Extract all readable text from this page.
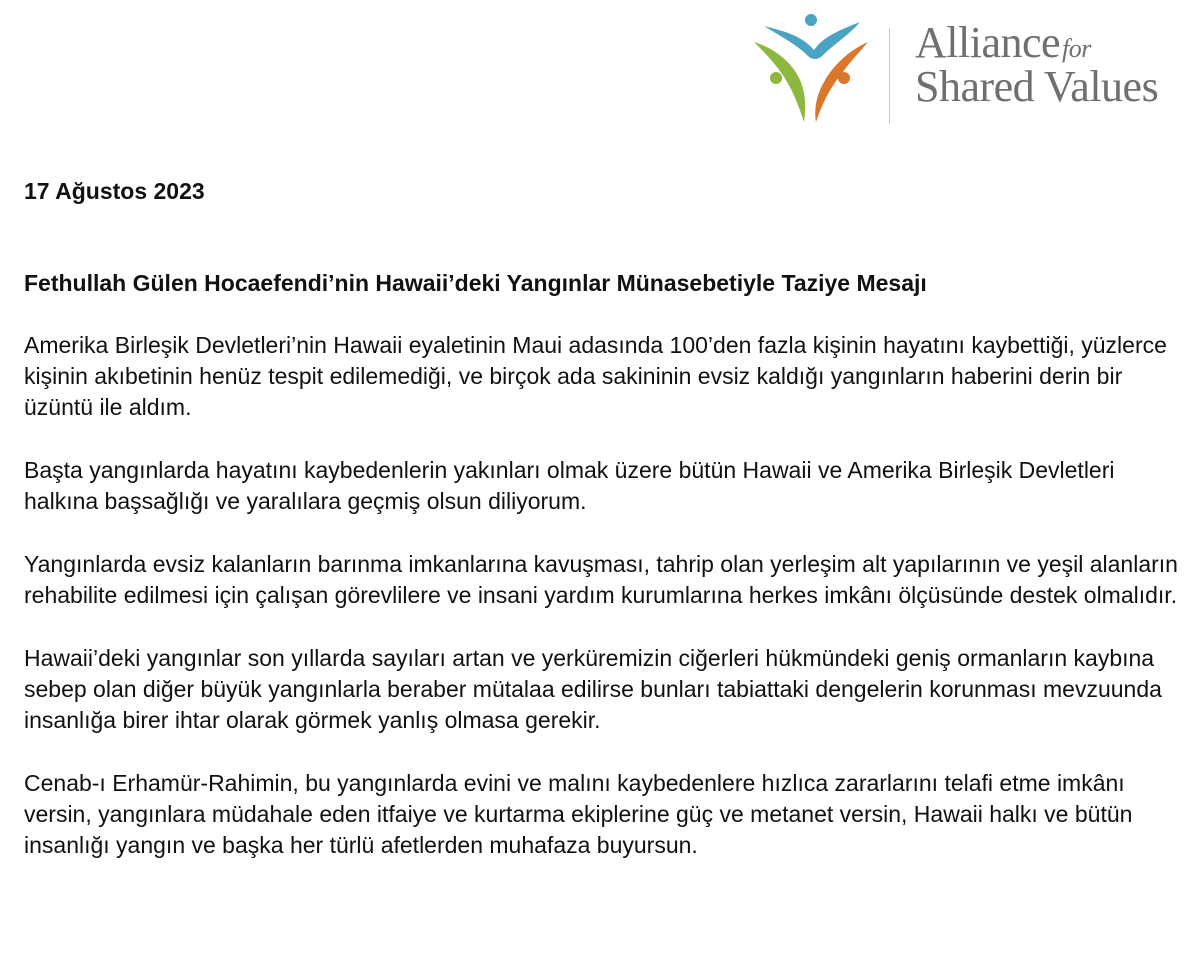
Alliancefor
Shared Values
17 Ağustos 2023
Fethullah Gülen Hocaefendi’nin Hawaii’deki Yangınlar Münasebetiyle Taziye Mesajı

Amerika Birleşik Devletleri’nin Hawaii eyaletinin Maui adasında 100’den fazla kişinin hayatını kaybettiği, yüzlerce kişinin akıbetinin henüz tespit edilemediği, ve birçok ada sakininin evsiz kaldığı yangınların haberini derin bir üzüntü ile aldım.

Başta yangınlarda hayatını kaybedenlerin yakınları olmak üzere bütün Hawaii ve Amerika Birleşik Devletleri halkına başsağlığı ve yaralılara geçmiş olsun diliyorum.

Yangınlarda evsiz kalanların barınma imkanlarına kavuşması, tahrip olan yerleşim alt yapılarının ve yeşil alanların rehabilite edilmesi için çalışan görevlilere ve insani yardım kurumlarına herkes imkânı ölçüsünde destek olmalıdır.

Hawaii’deki yangınlar son yıllarda sayıları artan ve yerküremizin ciğerleri hükmündeki geniş ormanların kaybına sebep olan diğer büyük yangınlarla beraber mütalaa edilirse bunları tabiattaki dengelerin korunması mevzuunda insanlığa birer ihtar olarak görmek yanlış olmasa gerekir.

Cenab-ı Erhamür-Rahimin, bu yangınlarda evini ve malını kaybedenlere hızlıca zararlarını telafi etme imkânı versin, yangınlara müdahale eden itfaiye ve kurtarma ekiplerine güç ve metanet versin, Hawaii halkı ve bütün insanlığı yangın ve başka her türlü afetlerden muhafaza buyursun.
